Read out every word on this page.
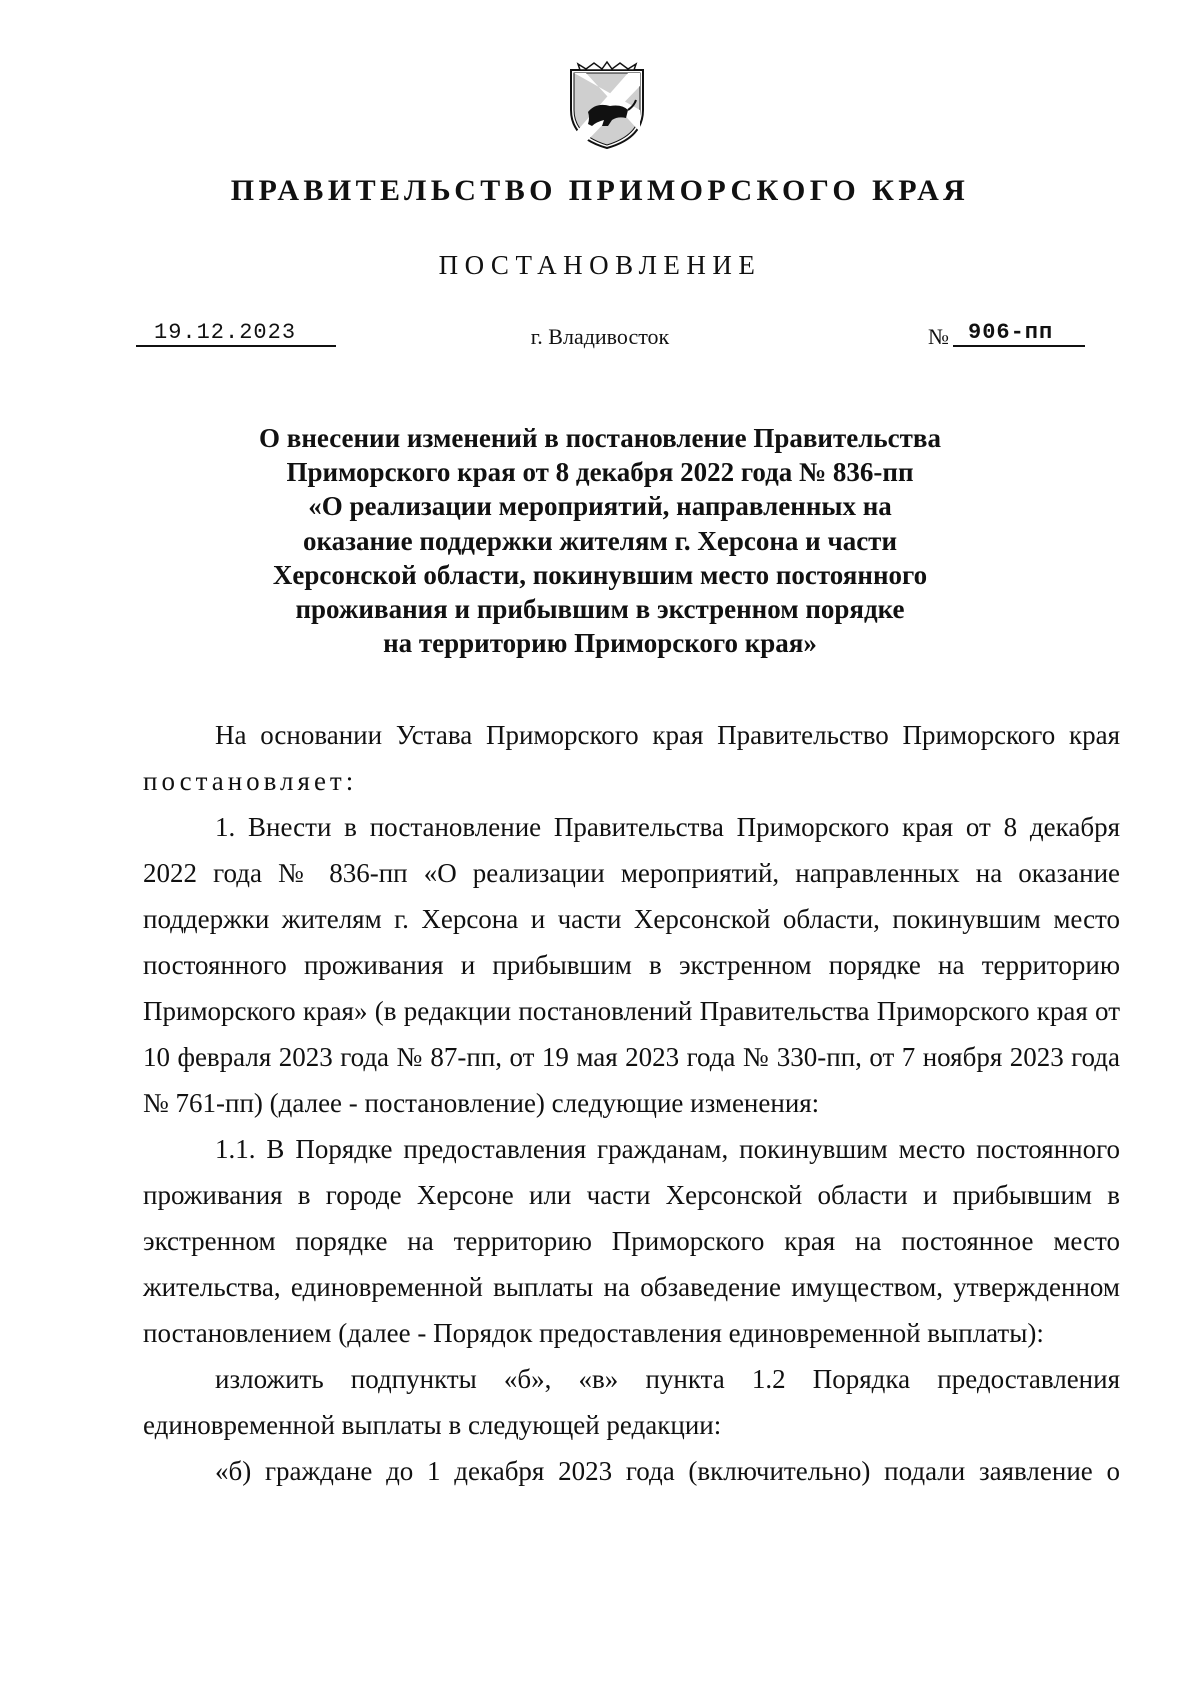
ПРАВИТЕЛЬСТВО ПРИМОРСКОГО КРАЯ
ПОСТАНОВЛЕНИЕ
19.12.2023	г. Владивосток	№ 906-пп
О внесении изменений в постановление Правительства
Приморского края от 8 декабря 2022 года № 836-пп
«О реализации мероприятий, направленных на
оказание поддержки жителям г. Херсона и части
Херсонской области, покинувшим место постоянного
проживания и прибывшим в экстренном порядке
на территорию Приморского края»

На основании Устава Приморского края Правительство Приморского края постановляет:

1. Внести в постановление Правительства Приморского края от 8 декабря 2022 года № 836-пп «О реализации мероприятий, направленных на оказание поддержки жителям г. Херсона и части Херсонской области, покинувшим место постоянного проживания и прибывшим в экстренном порядке на территорию Приморского края» (в редакции постановлений Правительства Приморского края от 10 февраля 2023 года № 87-пп, от 19 мая 2023 года № 330-пп, от 7 ноября 2023 года № 761-пп) (далее - постановление) следующие изменения:

1.1. В Порядке предоставления гражданам, покинувшим место постоянного проживания в городе Херсоне или части Херсонской области и прибывшим в экстренном порядке на территорию Приморского края на постоянное место жительства, единовременной выплаты на обзаведение имуществом, утвержденном постановлением (далее - Порядок предоставления единовременной выплаты):

изложить подпункты «б», «в» пункта 1.2 Порядка предоставления единовременной выплаты в следующей редакции:

«б) граждане до 1 декабря 2023 года (включительно) подали заявление о
